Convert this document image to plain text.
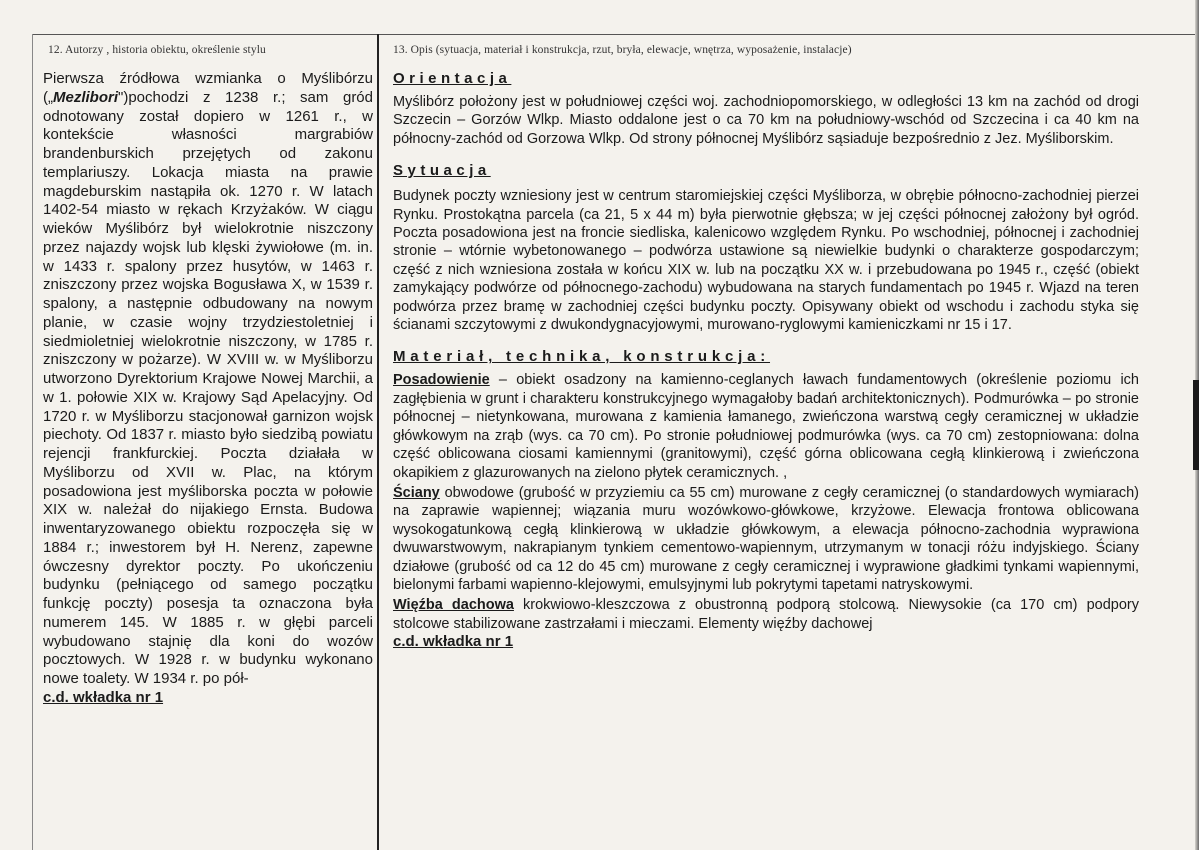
12. Autorzy , historia obiektu, określenie stylu

Pierwsza źródłowa wzmianka o Myślibórzu („Mezlibori")pochodzi z 1238 r.; sam gród odnotowany został dopiero w 1261 r., w kontekście własności margrabiów brandenburskich przejętych od zakonu templariuszy. Lokacja miasta na prawie magdeburskim nastąpiła ok. 1270 r. W latach 1402-54 miasto w rękach Krzyżaków. W ciągu wieków Myślibórz był wielokrotnie niszczony przez najazdy wojsk lub klęski żywiołowe (m. in. w 1433 r. spalony przez husytów, w 1463 r. zniszczony przez wojska Bogusława X, w 1539 r. spalony, a następnie odbudowany na nowym planie, w czasie wojny trzydziestoletniej i siedmioletniej wielokrotnie niszczony, w 1785 r. zniszczony w pożarze). W XVIII w. w Myśliborzu utworzono Dyrektorium Krajowe Nowej Marchii, a w 1. połowie XIX w. Krajowy Sąd Apelacyjny. Od 1720 r. w Myśliborzu stacjonował garnizon wojsk piechoty. Od 1837 r. miasto było siedzibą powiatu rejencji frankfurckiej. Poczta działała w Myśliborzu od XVII w. Plac, na którym posadowiona jest myśliborska poczta w połowie XIX w. należał do nijakiego Ernsta. Budowa inwentaryzowanego obiektu rozpoczęła się w 1884 r.; inwestorem był H. Nerenz, zapewne ówczesny dyrektor poczty. Po ukończeniu budynku (pełniącego od samego początku funkcję poczty) posesja ta oznaczona była numerem 145. W 1885 r. w głębi parceli wybudowano stajnię dla koni do wozów pocztowych. W 1928 r. w budynku wykonano nowe toalety. W 1934 r. po pół-

c.d. wkładka nr 1
13. Opis (sytuacja, materiał i konstrukcja, rzut, bryła, elewacje, wnętrza, wyposażenie, instalacje)
Orientacja

Myślibórz położony jest w południowej części woj. zachodniopomorskiego, w odległości 13 km na zachód od drogi Szczecin – Gorzów Wlkp. Miasto oddalone jest o ca 70 km na południowy-wschód od Szczecina i ca 40 km na północny-zachód od Gorzowa Wlkp. Od strony północnej Myślibórz sąsiaduje bezpośrednio z Jez. Myśliborskim.

Sytuacja

Budynek poczty wzniesiony jest w centrum staromiejskiej części Myśliborza, w obrębie północno-zachodniej pierzei Rynku. Prostokątna parcela (ca 21, 5 x 44 m) była pierwotnie głębsza; w jej części północnej założony był ogród. Poczta posadowiona jest na froncie siedliska, kalenicowo względem Rynku. Po wschodniej, północnej i zachodniej stronie – wtórnie wybetonowanego – podwórza ustawione są niewielkie budynki o charakterze gospodarczym; część z nich wzniesiona została w końcu XIX w. lub na początku XX w. i przebudowana po 1945 r., część (obiekt zamykający podwórze od północnego-zachodu) wybudowana na starych fundamentach po 1945 r. Wjazd na teren podwórza przez bramę w zachodniej części budynku poczty. Opisywany obiekt od wschodu i zachodu styka się ścianami szczytowymi z dwukondygnacyjowymi, murowano-ryglowymi kamieniczkami nr 15 i 17.

Materiał, technika, konstrukcja:

Posadowienie – obiekt osadzony na kamienno-ceglanych ławach fundamentowych (określenie poziomu ich zagłębienia w grunt i charakteru konstrukcyjnego wymagałoby badań architektonicznych). Podmurówka – po stronie północnej – nietynkowana, murowana z kamienia łamanego, zwieńczona warstwą cegły ceramicznej w układzie główkowym na zrąb (wys. ca 70 cm). Po stronie południowej podmurówka (wys. ca 70 cm) zestopniowana: dolna część oblicowana ciosami kamiennymi (granitowymi), część górna oblicowana cegłą klinkierową i zwieńczona okapikiem z glazurowanych na zielono płytek ceramicznych. ,

Ściany obwodowe (grubość w przyziemiu ca 55 cm) murowane z cegły ceramicznej (o standardowych wymiarach) na zaprawie wapiennej; wiązania muru wozówkowo-główkowe, krzyżowe. Elewacja frontowa oblicowana wysokogatunkową cegłą klinkierową w układzie główkowym, a elewacja północno-zachodnia wyprawiona dwuwarstwowym, nakrapianym tynkiem cementowo-wapiennym, utrzymanym w tonacji różu indyjskiego. Ściany działowe (grubość od ca 12 do 45 cm) murowane z cegły ceramicznej i wyprawione gładkimi tynkami wapiennymi, bielonymi farbami wapienno-klejowymi, emulsyjnymi lub pokrytymi tapetami natryskowymi.

Więźba dachowa krokwiowo-kleszczowa z obustronną podporą stolcową. Niewysokie (ca 170 cm) podpory stolcowe stabilizowane zastrzałami i mieczami. Elementy więźby dachowej

c.d. wkładka nr 1
